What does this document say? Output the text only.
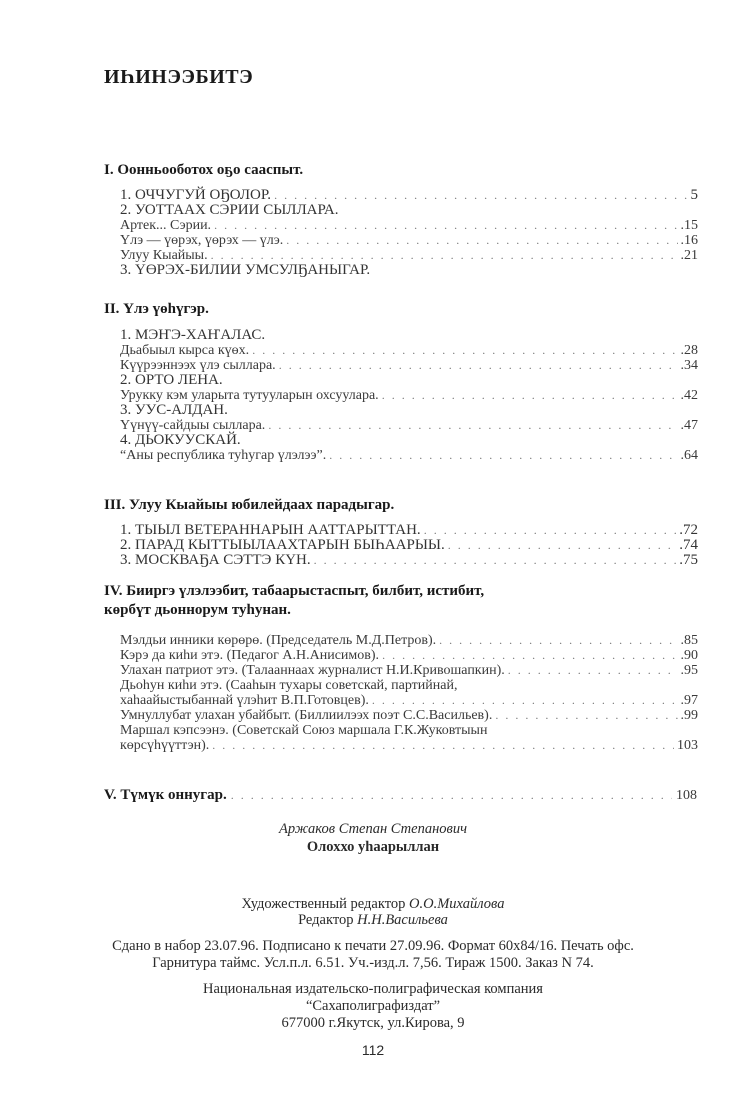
ИҺИНЭЭБИТЭ
I. Оонньооботох оҕо сааспыт.
1. ОЧЧУГУЙ ОҔОЛОР. . . .	5
2. УОТТААХ СЭРИИ СЫЛЛАРА.
Артек... Сэрии. . . .	.15
Үлэ — үөрэх, үөрэх — үлэ. . . .	.16
Улуу Кыайыы. . . .	.21
3. ҮӨРЭХ-БИЛИИ УМСУЛҔАНЫГАР.
II. Үлэ үөһүгэр.
1. МЭҤЭ-ХАҤАЛАС.
Дьабыыл кырса күөх. . . .	.28
Күүрээннээх үлэ сыллара. . . .	.34
2. ОРТО ЛЕНА.
Урукку кэм уларыта тутууларын охсуулара. . . .	.42
3. УУС-АЛДАН.
Үүнүү-сайдыы сыллара. . . .	.47
4. ДЬОКУУСКАЙ.
“Аны республика туһугар үлэлээ”. . . .	.64
III. Улуу Кыайыы юбилейдаах парадыгар.
1. ТЫЫЛ ВЕТЕРАННАРЫН ААТТАРЫТТАН. . . .	.72
2. ПАРАД КЫТТЫЫЛААХТАРЫН БЫҺААРЫЫ. . . .	.74
3. МОСКВАҔА СЭТТЭ КҮН. . . .	.75
IV. Бииргэ үлэлээбит, табаарыстаспыт, билбит, истибит,
көрбүт дьоннорум туһунан.
Мэлдьи инники көрөрө. (Председатель М.Д.Петров). . . .	.85
Кэрэ да киһи этэ. (Педагог А.Н.Анисимов). . . .	.90
Улахан патриот этэ. (Талааннаах журналист Н.И.Кривошапкин). . . .	.95
Дьоһун киһи этэ. (Сааһын тухары советскай, партийнай,
хаһаайыстыбаннай үлэһит В.П.Готовцев). . . .	.97
Умнуллубат улахан убайбыт. (Биллиилээх поэт С.С.Васильев). . . .	.99
Маршал кэпсээнэ. (Советскай Союз маршала Г.К.Жуковтыын
көрсүһүүттэн). . . .	103
V. Түмүк оннугар. . . .	108
Аржаков Степан Степанович
Олоххо уһаарыллан
Художественный редактор О.О.Михайлова
Редактор Н.Н.Васильева
Сдано в набор 23.07.96. Подписано к печати 27.09.96. Формат 60х84/16. Печать офс.
Гарнитура таймс. Усл.п.л. 6.51. Уч.-изд.л. 7,56. Тираж 1500. Заказ N 74.
Национальная издательско-полиграфическая компания
“Сахаполиграфиздат”
677000 г.Якутск, ул.Кирова, 9
112
